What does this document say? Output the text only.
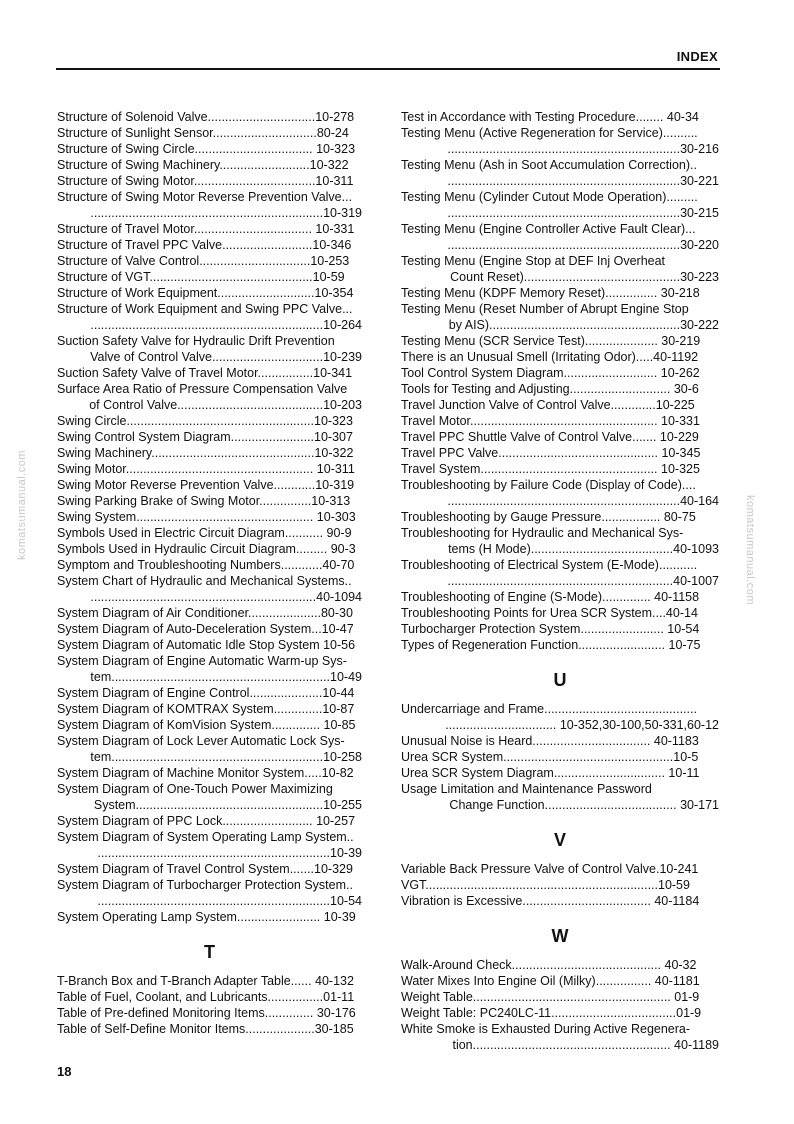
INDEX
Structure of Solenoid Valve...............................10-278
Structure of Sunlight Sensor..............................80-24
Structure of Swing Circle.................................. 10-323
Structure of Swing Machinery..........................10-322
Structure of Swing Motor...................................10-311
Structure of Swing Motor Reverse Prevention Valve...
...................................................................10-319
Structure of Travel Motor.................................. 10-331
Structure of Travel PPC Valve..........................10-346
Structure of Valve Control................................10-253
Structure of VGT...............................................10-59
Structure of Work Equipment............................10-354
Structure of Work Equipment and Swing PPC Valve...
...................................................................10-264
Suction Safety Valve for Hydraulic Drift Prevention
Valve of Control Valve................................10-239
Suction Safety Valve of Travel Motor................10-341
Surface Area Ratio of Pressure Compensation Valve
of Control Valve..........................................10-203
Swing Circle......................................................10-323
Swing Control System Diagram........................10-307
Swing Machinery...............................................10-322
Swing Motor...................................................... 10-311
Swing Motor Reverse Prevention Valve............10-319
Swing Parking Brake of Swing Motor...............10-313
Swing System................................................... 10-303
Symbols Used in Electric Circuit Diagram........... 90-9
Symbols Used in Hydraulic Circuit Diagram......... 90-3
Symptom and Troubleshooting Numbers............40-70
System Chart of Hydraulic and Mechanical Systems..
.................................................................40-1094
System Diagram of Air Conditioner.....................80-30
System Diagram of Auto-Deceleration System...10-47
System Diagram of Automatic Idle Stop System 10-56
System Diagram of Engine Automatic Warm-up Sys-
tem...............................................................10-49
System Diagram of Engine Control.....................10-44
System Diagram of KOMTRAX System..............10-87
System Diagram of KomVision System.............. 10-85
System Diagram of Lock Lever Automatic Lock Sys-
tem.............................................................10-258
System Diagram of Machine Monitor System.....10-82
System Diagram of One-Touch Power Maximizing
System......................................................10-255
System Diagram of PPC Lock.......................... 10-257
System Diagram of System Operating Lamp System..
...................................................................10-39
System Diagram of Travel Control System.......10-329
System Diagram of Turbocharger Protection System..
...................................................................10-54
System Operating Lamp System........................ 10-39
T
T-Branch Box and T-Branch Adapter Table...... 40-132
Table of Fuel, Coolant, and Lubricants................01-11
Table of Pre-defined Monitoring Items.............. 30-176
Table of Self-Define Monitor Items....................30-185
Test in Accordance with Testing Procedure........ 40-34
Testing Menu (Active Regeneration for Service)..........
...................................................................30-216
Testing Menu (Ash in Soot Accumulation Correction)..
...................................................................30-221
Testing Menu (Cylinder Cutout Mode Operation).........
...................................................................30-215
Testing Menu (Engine Controller Active Fault Clear)...
...................................................................30-220
Testing Menu (Engine Stop at DEF Inj Overheat
Count Reset).............................................30-223
Testing Menu (KDPF Memory Reset)............... 30-218
Testing Menu (Reset Number of Abrupt Engine Stop
by AIS).......................................................30-222
Testing Menu (SCR Service Test)..................... 30-219
There is an Unusual Smell (Irritating Odor).....40-1192
Tool Control System Diagram........................... 10-262
Tools for Testing and Adjusting............................. 30-6
Travel Junction Valve of Control Valve.............10-225
Travel Motor...................................................... 10-331
Travel PPC Shuttle Valve of Control Valve....... 10-229
Travel PPC Valve.............................................. 10-345
Travel System................................................... 10-325
Troubleshooting by Failure Code (Display of Code)....
...................................................................40-164
Troubleshooting by Gauge Pressure................. 80-75
Troubleshooting for Hydraulic and Mechanical Sys-
tems (H Mode).........................................40-1093
Troubleshooting of Electrical System (E-Mode)...........
.................................................................40-1007
Troubleshooting of Engine (S-Mode).............. 40-1158
Troubleshooting Points for Urea SCR System....40-14
Turbocharger Protection System........................ 10-54
Types of Regeneration Function......................... 10-75
U
Undercarriage and Frame............................................
................................ 10-352,30-100,50-331,60-12
Unusual Noise is Heard.................................. 40-1183
Urea SCR System.................................................10-5
Urea SCR System Diagram................................ 10-11
Usage Limitation and Maintenance Password
Change Function...................................... 30-171
V
Variable Back Pressure Valve of Control Valve.10-241
VGT...................................................................10-59
Vibration is Excessive..................................... 40-1184
W
Walk-Around Check........................................... 40-32
Water Mixes Into Engine Oil (Milky)................ 40-1181
Weight Table......................................................... 01-9
Weight Table: PC240LC-11....................................01-9
White Smoke is Exhausted During Active Regenera-
tion......................................................... 40-1189
18
komatsumanual.com	komatsumanual.com
